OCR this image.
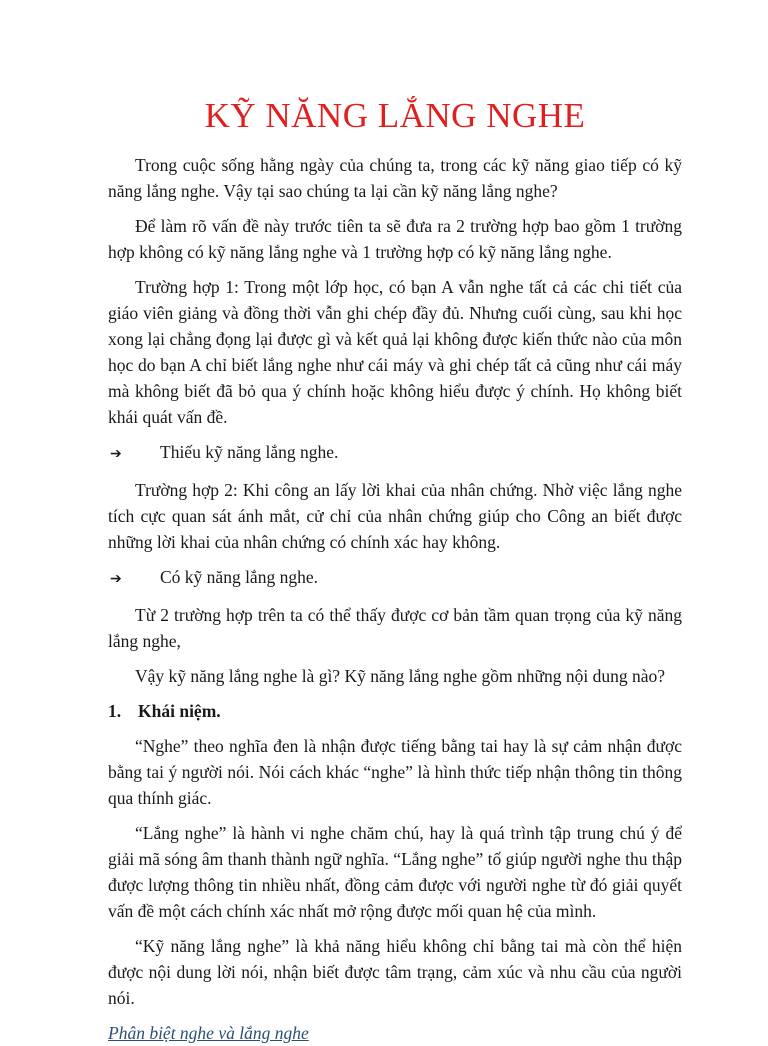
KỸ NĂNG LẮNG NGHE

Trong cuộc sống hằng ngày của chúng ta, trong các kỹ năng giao tiếp có kỹ năng lắng nghe. Vậy tại sao chúng ta lại cần kỹ năng lắng nghe?

Để làm rõ vấn đề này trước tiên ta sẽ đưa ra 2 trường hợp bao gồm 1 trường hợp không có kỹ năng lắng nghe và 1 trường hợp có kỹ năng lắng nghe.

Trường hợp 1: Trong một lớp học, có bạn A vẫn nghe tất cả các chi tiết của giáo viên giảng và đồng thời vẫn ghi chép đầy đủ. Nhưng cuối cùng, sau khi học xong lại chẳng đọng lại được gì và kết quả lại không được kiến thức nào của môn học do bạn A chỉ biết lắng nghe như cái máy và ghi chép tất cả cũng như cái máy mà không biết đã bỏ qua ý chính hoặc không hiểu được ý chính. Họ không biết khái quát vấn đề.

➔	Thiếu kỹ năng lắng nghe.

Trường hợp 2: Khi công an lấy lời khai của nhân chứng. Nhờ việc lắng nghe tích cực quan sát ánh mắt, cử chỉ của nhân chứng giúp cho Công an biết được những lời khai của nhân chứng có chính xác hay không.

➔	Có kỹ năng lắng nghe.

Từ 2 trường hợp trên ta có thể thấy được cơ bản tầm quan trọng của kỹ năng lắng nghe,

Vậy kỹ năng lắng nghe là gì? Kỹ năng lắng nghe gồm những nội dung nào?

1. Khái niệm.

“Nghe” theo nghĩa đen là nhận được tiếng bằng tai hay là sự cảm nhận được bằng tai ý người nói. Nói cách khác “nghe” là hình thức tiếp nhận thông tin thông qua thính giác.

“Lắng nghe” là hành vi nghe chăm chú, hay là quá trình tập trung chú ý để giải mã sóng âm thanh thành ngữ nghĩa. “Lắng nghe” tố giúp người nghe thu thập được lượng thông tin nhiều nhất, đồng cảm được với người nghe từ đó giải quyết vấn đề một cách chính xác nhất mở rộng được mối quan hệ của mình.

“Kỹ năng lắng nghe” là khả năng hiểu không chỉ bằng tai mà còn thể hiện được nội dung lời nói, nhận biết được tâm trạng, cảm xúc và nhu cầu của người nói.

Phân biệt nghe và lắng nghe
